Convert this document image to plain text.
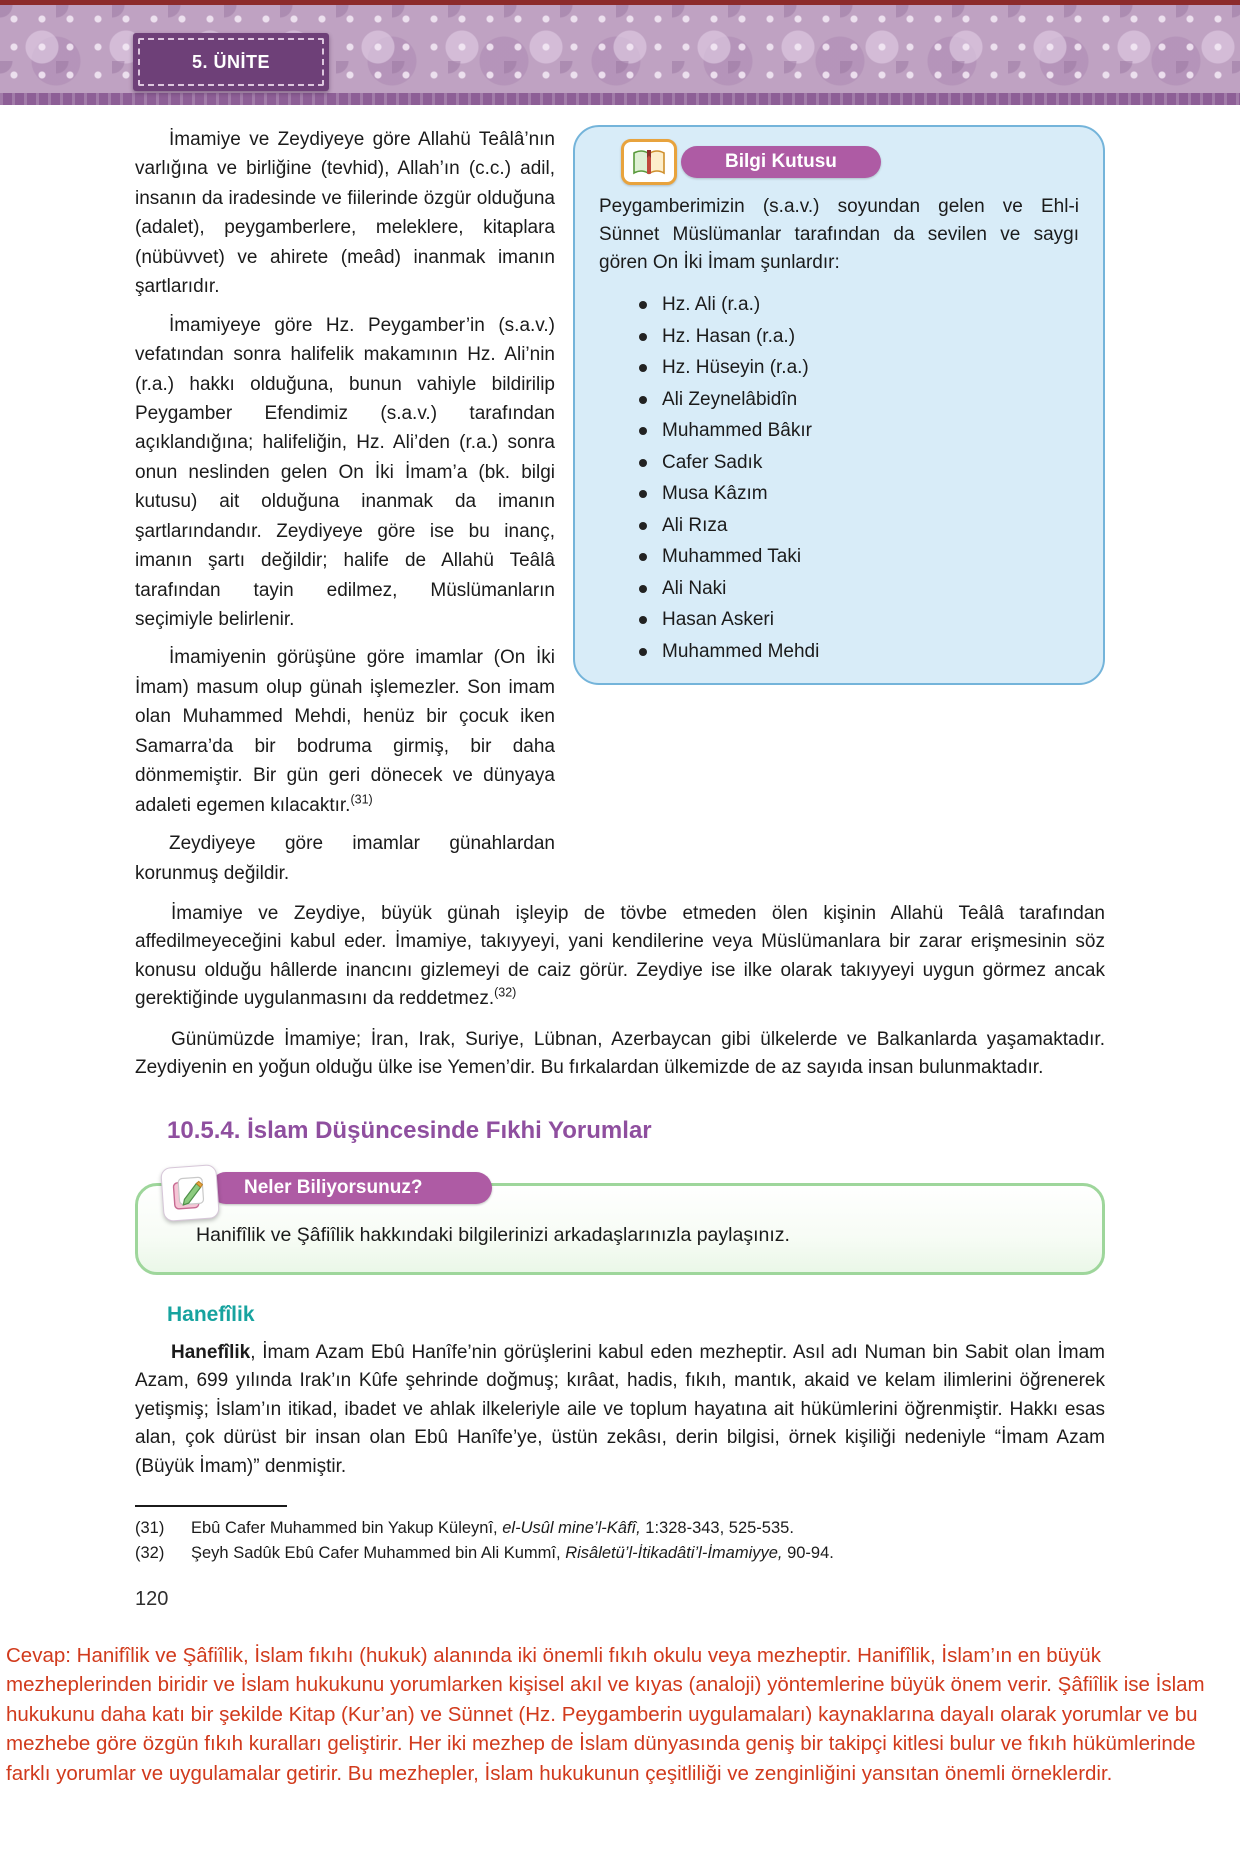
5. ÜNİTE

İmamiye ve Zeydiyeye göre Allahü Teâlâ’nın varlığına ve birliğine (tevhid), Allah’ın (c.c.) adil, insanın da iradesinde ve fiilerinde özgür olduğuna (adalet), peygamberlere, meleklere, kitaplara (nübüvvet) ve ahirete (meâd) inanmak imanın şartlarıdır.

İmamiyeye göre Hz. Peygamber’in (s.a.v.) vefatından sonra halifelik makamının Hz. Ali’nin (r.a.) hakkı olduğuna, bunun vahiyle bildirilip Peygamber Efendimiz (s.a.v.) tarafından açıklandığına; halifeliğin, Hz. Ali’den (r.a.) sonra onun neslinden gelen On İki İmam’a (bk. bilgi kutusu) ait olduğuna inanmak da imanın şartlarındandır. Zeydiyeye göre ise bu inanç, imanın şartı değildir; halife de Allahü Teâlâ tarafından tayin edilmez, Müslümanların seçimiyle belirlenir.

İmamiyenin görüşüne göre imamlar (On İki İmam) masum olup günah işlemezler. Son imam olan Muhammed Mehdi, henüz bir çocuk iken Samarra’da bir bodruma girmiş, bir daha dönmemiştir. Bir gün geri dönecek ve dünyaya adaleti egemen kılacaktır.$^{(31)}$

Zeydiyeye göre imamlar günahlardan korunmuş değildir.

Bilgi Kutusu

Peygamberimizin (s.a.v.) soyundan gelen ve Ehl-i Sünnet Müslümanlar tarafından da sevilen ve saygı gören On İki İmam şunlardır:

Hz. Ali (r.a.)
Hz. Hasan (r.a.)
Hz. Hüseyin (r.a.)
Ali Zeynelâbidîn
Muhammed Bâkır
Cafer Sadık
Musa Kâzım
Ali Rıza
Muhammed Taki
Ali Naki
Hasan Askeri
Muhammed Mehdi

İmamiye ve Zeydiye, büyük günah işleyip de tövbe etmeden ölen kişinin Allahü Teâlâ tarafından affedilmeyeceğini kabul eder. İmamiye, takıyyeyi, yani kendilerine veya Müslümanlara bir zarar erişmesinin söz konusu olduğu hâllerde inancını gizlemeyi de caiz görür. Zeydiye ise ilke olarak takıyyeyi uygun görmez ancak gerektiğinde uygulanmasını da reddetmez.$^{(32)}$

Günümüzde İmamiye; İran, Irak, Suriye, Lübnan, Azerbaycan gibi ülkelerde ve Balkanlarda yaşamaktadır. Zeydiyenin en yoğun olduğu ülke ise Yemen’dir. Bu fırkalardan ülkemizde de az sayıda insan bulunmaktadır.

10.5.4. İslam Düşüncesinde Fıkhi Yorumlar
Neler Biliyorsunuz?

Hanifîlik ve Şâfiîlik hakkındaki bilgilerinizi arkadaşlarınızla paylaşınız.

Hanefîlik

Hanefîlik, İmam Azam Ebû Hanîfe’nin görüşlerini kabul eden mezheptir. Asıl adı Numan bin Sabit olan İmam Azam, 699 yılında Irak’ın Kûfe şehrinde doğmuş; kırâat, hadis, fıkıh, mantık, akaid ve kelam ilimlerini öğrenerek yetişmiş; İslam’ın itikad, ibadet ve ahlak ilkeleriyle aile ve toplum hayatına ait hükümlerini öğrenmiştir. Hakkı esas alan, çok dürüst bir insan olan Ebû Hanîfe’ye, üstün zekâsı, derin bilgisi, örnek kişiliği nedeniyle “İmam Azam (Büyük İmam)” denmiştir.

(31)	Ebû Cafer Muhammed bin Yakup Küleynî, el-Usûl mine’l-Kâfî, 1:328-343, 525-535.
(32)	Şeyh Sadûk Ebû Cafer Muhammed bin Ali Kummî, Risâletü’l-İtikadâti’l-İmamiyye, 90-94.
120
Cevap: Hanifîlik ve Şâfiîlik, İslam fıkıhı (hukuk) alanında iki önemli fıkıh okulu veya mezheptir. Hanifîlik, İslam’ın en büyük mezheplerinden biridir ve İslam hukukunu yorumlarken kişisel akıl ve kıyas (analoji) yöntemlerine büyük önem verir. Şâfiîlik ise İslam hukukunu daha katı bir şekilde Kitap (Kur’an) ve Sünnet (Hz. Peygamberin uygulamaları) kaynaklarına dayalı olarak yorumlar ve bu mezhebe göre özgün fıkıh kuralları geliştirir. Her iki mezhep de İslam dünyasında geniş bir takipçi kitlesi bulur ve fıkıh hükümlerinde farklı yorumlar ve uygulamalar getirir. Bu mezhepler, İslam hukukunun çeşitliliği ve zenginliğini yansıtan önemli örneklerdir.
